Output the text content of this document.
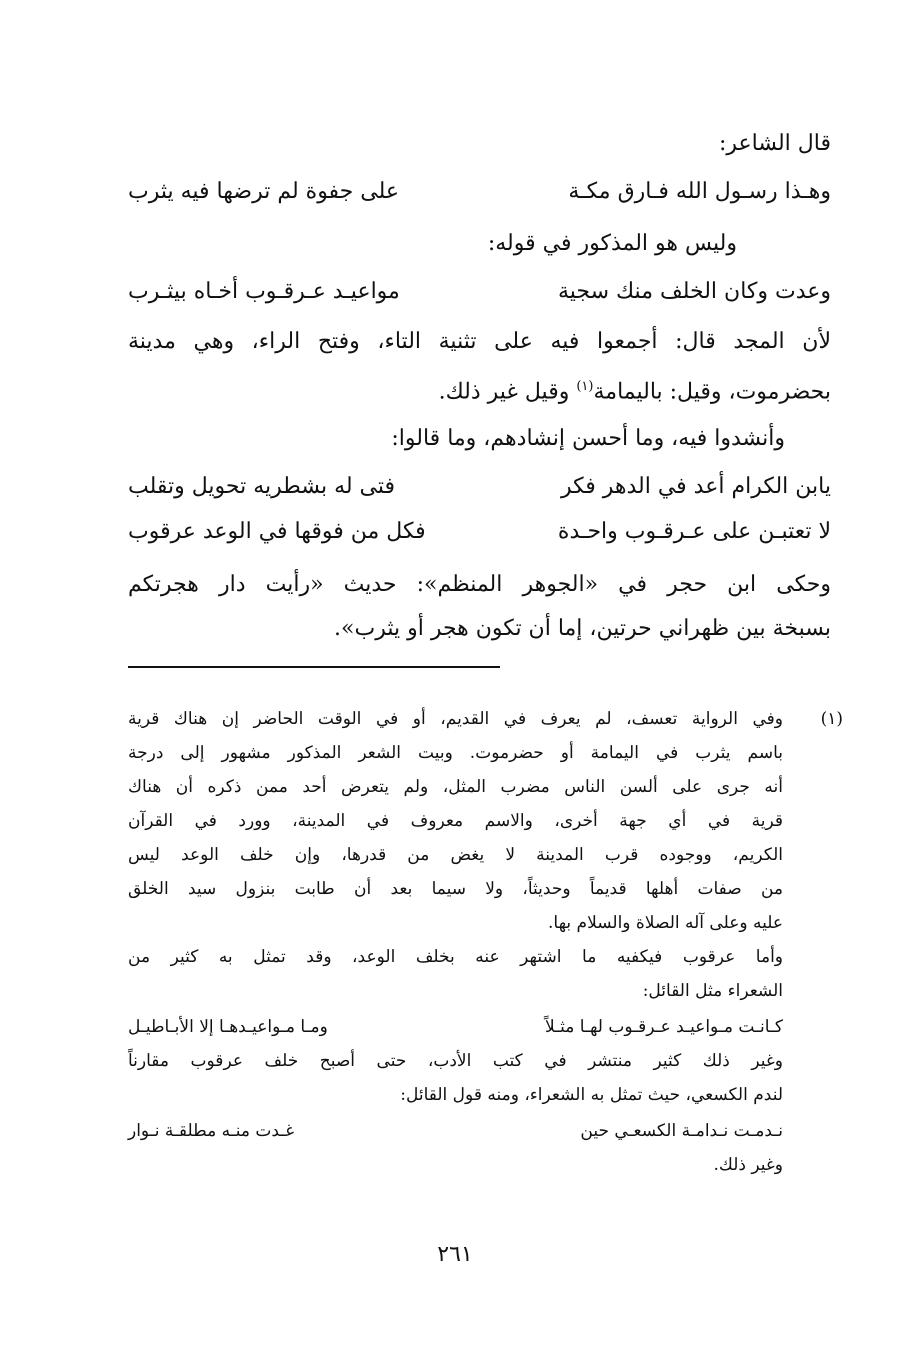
قال الشاعر:
وهـذا رسـول الله فـارق مكـة
على جفوة لم ترضها فيه يثرب
وليس هو المذكور في قوله:
وعدت وكان الخلف منك سجية
مواعيـد عـرقـوب أخـاه بيثـرب
لأن المجد قال: أجمعوا فيه على تثنية التاء، وفتح الراء، وهي مدينة
بحضرموت، وقيل: باليمامة$^{(١)}$ وقيل غير ذلك.
وأنشدوا فيه، وما أحسن إنشادهم، وما قالوا:
يابن الكرام أعد في الدهر فكر
فتى له بشطريه تحويل وتقلب
لا تعتبـن على عـرقـوب واحـدة
فكل من فوقها في الوعد عرقوب
وحكى ابن حجر في «الجوهر المنظم»: حديث «رأيت دار هجرتكم
بسبخة بين ظهراني حرتين، إما أن تكون هجر أو يثرب».
(١)
وفي الرواية تعسف، لم يعرف في القديم، أو في الوقت الحاضر إن هناك قرية
باسم يثرب في اليمامة أو حضرموت. وبيت الشعر المذكور مشهور إلى درجة
أنه جرى على ألسن الناس مضرب المثل، ولم يتعرض أحد ممن ذكره أن هناك
قرية في أي جهة أخرى، والاسم معروف في المدينة، وورد في القرآن
الكريم، ووجوده قرب المدينة لا يغض من قدرها، وإن خلف الوعد ليس
من صفات أهلها قديماً وحديثاً، ولا سيما بعد أن طابت بنزول سيد الخلق
عليه وعلى آله الصلاة والسلام بها.
وأما عرقوب فيكفيه ما اشتهر عنه بخلف الوعد، وقد تمثل به كثير من
الشعراء مثل القائل:
كـانـت مـواعيـد عـرقـوب لهـا مثـلاً
ومـا مـواعيـدهـا إلا الأبـاطيـل
وغير ذلك كثير منتشر في كتب الأدب، حتى أصبح خلف عرقوب مقارناً
لندم الكسعي، حيث تمثل به الشعراء، ومنه قول القائل:
نـدمـت نـدامـة الكسعـي حين
غـدت منـه مطلقـة نـوار
وغير ذلك.
٢٦١
